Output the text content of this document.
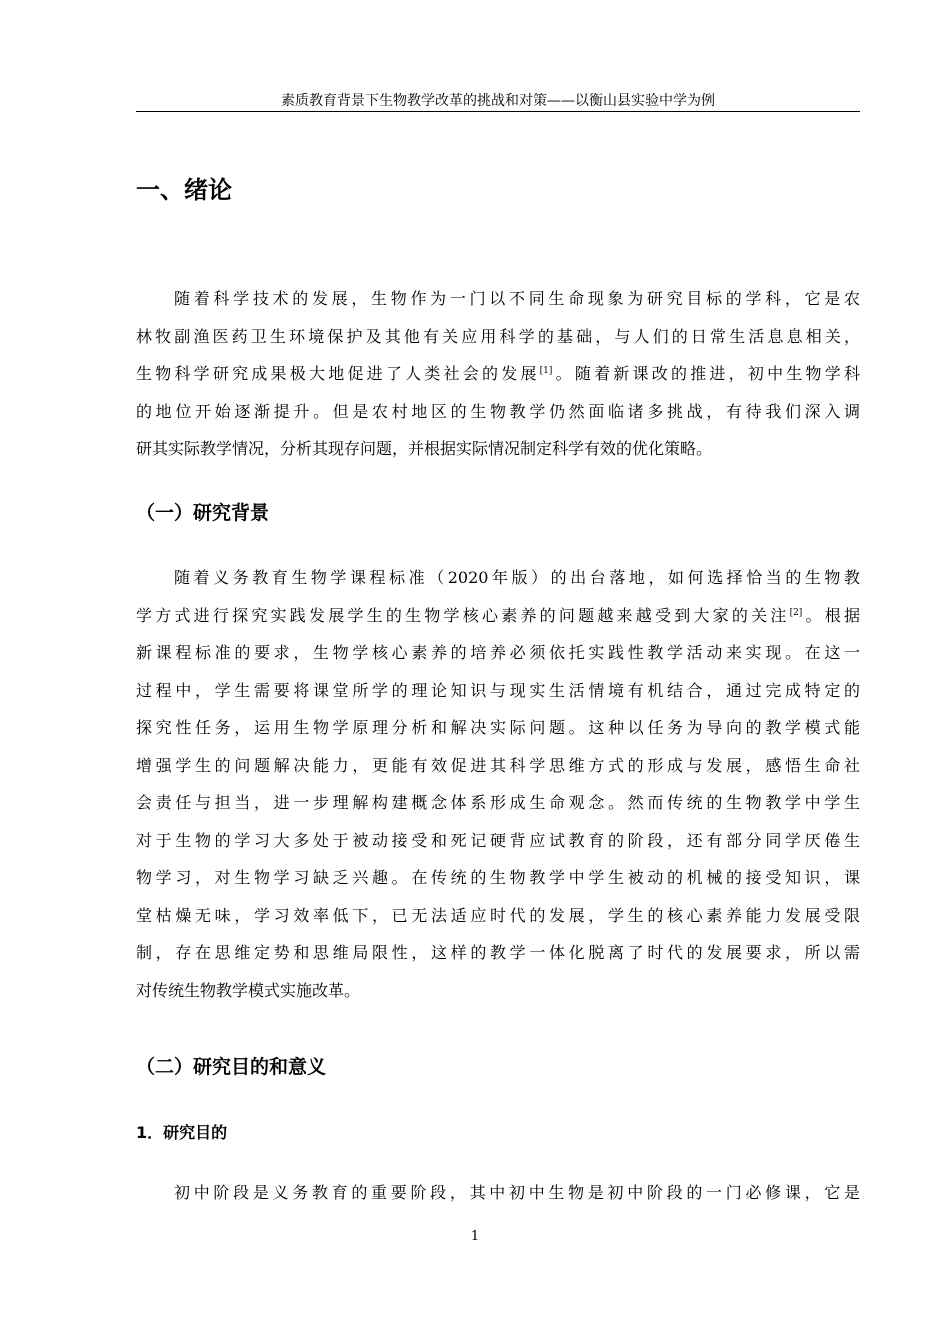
素质教育背景下生物教学改革的挑战和对策——以衡山县实验中学为例
一、绪论
随着科学技术的发展，生物作为一门以不同生命现象为研究目标的学科，它是农
林牧副渔医药卫生环境保护及其他有关应用科学的基础，与人们的日常生活息息相关，
生物科学研究成果极大地促进了人类社会的发展[1]。随着新课改的推进，初中生物学科
的地位开始逐渐提升。但是农村地区的生物教学仍然面临诸多挑战，有待我们深入调
研其实际教学情况，分析其现存问题，并根据实际情况制定科学有效的优化策略。
（一）研究背景
随着义务教育生物学课程标准（2020年版）的出台落地，如何选择恰当的生物教
学方式进行探究实践发展学生的生物学核心素养的问题越来越受到大家的关注[2]。根据
新课程标准的要求，生物学核心素养的培养必须依托实践性教学活动来实现。在这一
过程中，学生需要将课堂所学的理论知识与现实生活情境有机结合，通过完成特定的
探究性任务，运用生物学原理分析和解决实际问题。这种以任务为导向的教学模式能
增强学生的问题解决能力，更能有效促进其科学思维方式的形成与发展，感悟生命社
会责任与担当，进一步理解构建概念体系形成生命观念。然而传统的生物教学中学生
对于生物的学习大多处于被动接受和死记硬背应试教育的阶段，还有部分同学厌倦生
物学习，对生物学习缺乏兴趣。在传统的生物教学中学生被动的机械的接受知识，课
堂枯燥无味，学习效率低下，已无法适应时代的发展，学生的核心素养能力发展受限
制，存在思维定势和思维局限性，这样的教学一体化脱离了时代的发展要求，所以需
对传统生物教学模式实施改革。
（二）研究目的和意义
1．研究目的
初中阶段是义务教育的重要阶段，其中初中生物是初中阶段的一门必修课，它是
1
